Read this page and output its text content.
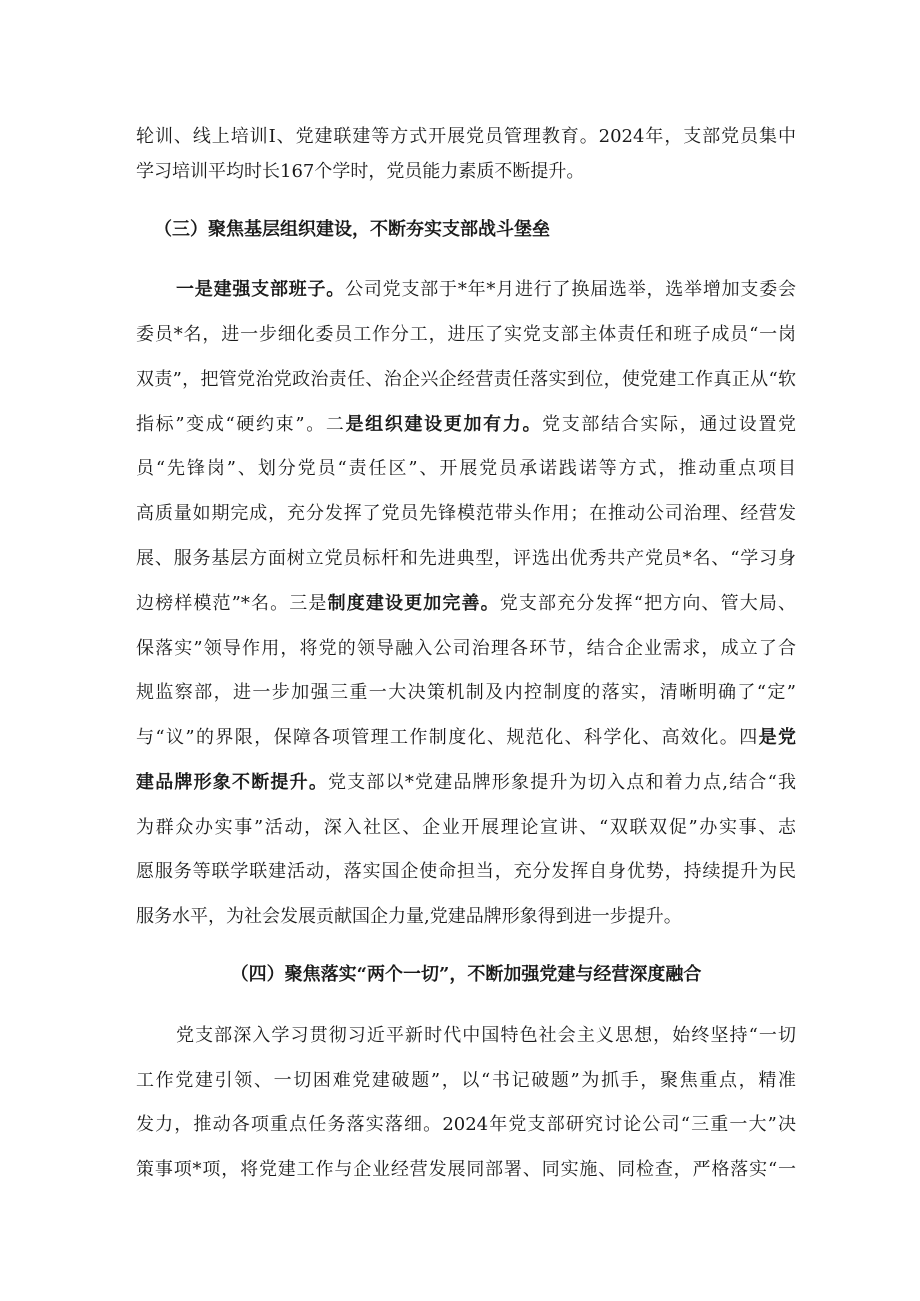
轮训、线上培训Ⅰ、党建联建等方式开展党员管理教育。2024年，支部党员集中
学习培训平均时长167个学时，党员能力素质不断提升。
（三）聚焦基层组织建设，不断夯实支部战斗堡垒
一是建强支部班子。公司党支部于*年*月进行了换届选举，选举增加支委会
委员*名，进一步细化委员工作分工，进压了实党支部主体责任和班子成员“一岗
双责”，把管党治党政治责任、治企兴企经营责任落实到位，使党建工作真正从“软
指标”变成“硬约束”。二是组织建设更加有力。党支部结合实际，通过设置党
员“先锋岗”、划分党员“责任区”、开展党员承诺践诺等方式，推动重点项目
高质量如期完成，充分发挥了党员先锋模范带头作用；在推动公司治理、经营发
展、服务基层方面树立党员标杆和先进典型，评选出优秀共产党员*名、“学习身
边榜样模范”*名。三是制度建设更加完善。党支部充分发挥“把方向、管大局、
保落实”领导作用，将党的领导融入公司治理各环节，结合企业需求，成立了合
规监察部，进一步加强三重一大决策机制及内控制度的落实，清晰明确了“定”
与“议”的界限，保障各项管理工作制度化、规范化、科学化、高效化。四是党
建品牌形象不断提升。党支部以*党建品牌形象提升为切入点和着力点,结合“我
为群众办实事”活动，深入社区、企业开展理论宣讲、“双联双促”办实事、志
愿服务等联学联建活动，落实国企使命担当，充分发挥自身优势，持续提升为民
服务水平，为社会发展贡献国企力量,党建品牌形象得到进一步提升。
（四）聚焦落实“两个一切”，不断加强党建与经营深度融合
党支部深入学习贯彻习近平新时代中国特色社会主义思想，始终坚持“一切
工作党建引领、一切困难党建破题”，以“书记破题”为抓手，聚焦重点，精准
发力，推动各项重点任务落实落细。2024年党支部研究讨论公司“三重一大”决
策事项*项，将党建工作与企业经营发展同部署、同实施、同检查，严格落实“一
